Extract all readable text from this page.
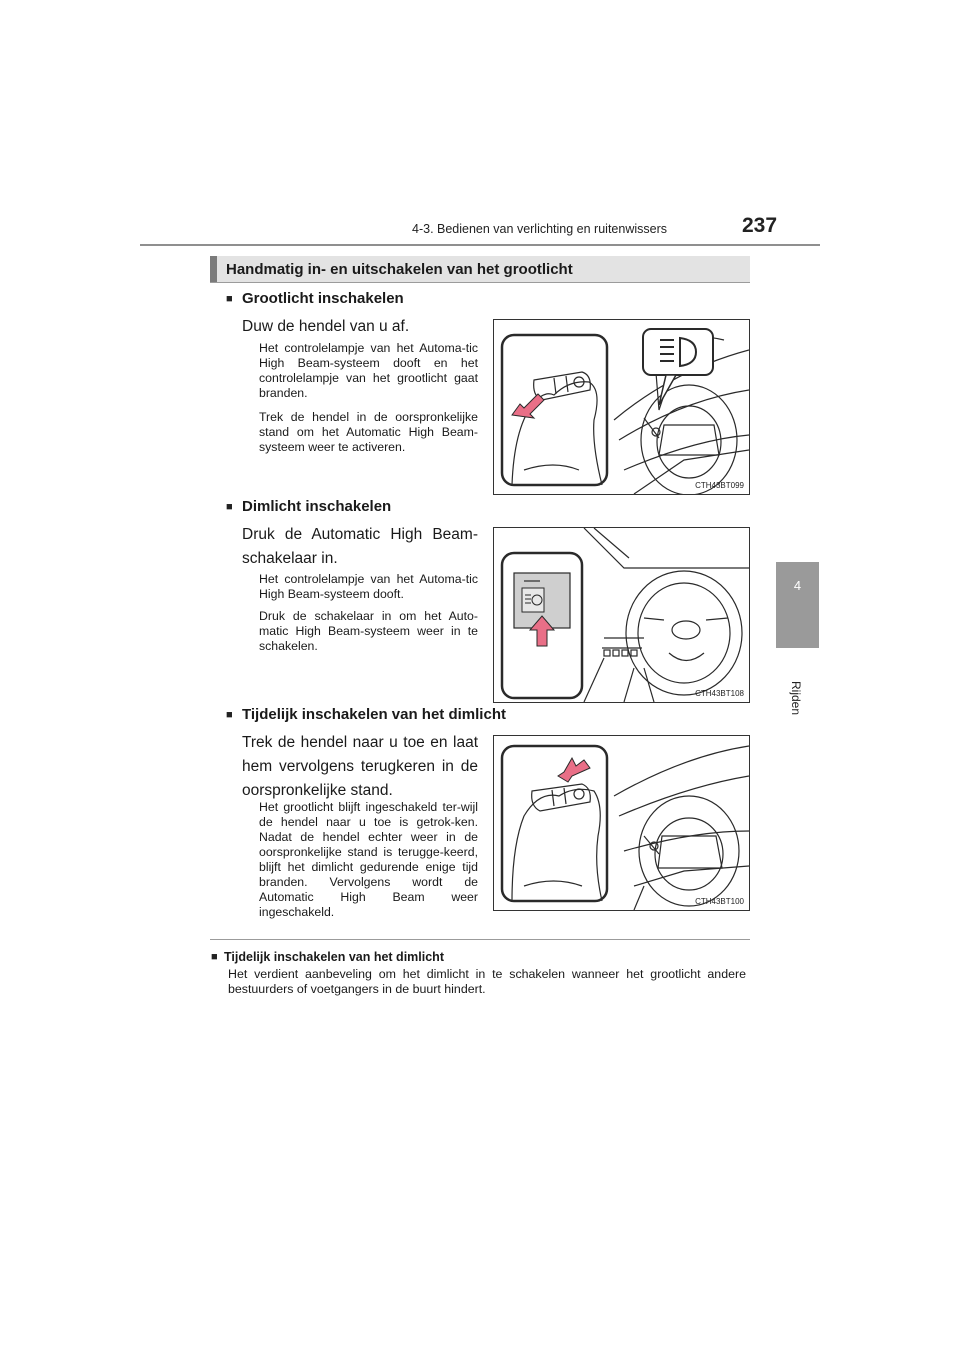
4-3. Bedienen van verlichting en ruitenwissers	237
4
Rijden
Handmatig in- en uitschakelen van het grootlicht
■ Grootlicht inschakelen
Duw de hendel van u af.
Het controlelampje van het Automa-tic High Beam-systeem dooft en het controlelampje van het grootlicht gaat branden.
Trek de hendel in de oorspronkelijke stand om het Automatic High Beam-systeem weer te activeren.
CTH43BT099
■ Dimlicht inschakelen
Druk de Automatic High Beam-schakelaar in.
Het controlelampje van het Automa-tic High Beam-systeem dooft.
Druk de schakelaar in om het Auto-matic High Beam-systeem weer in te schakelen.
CTH43BT108
■ Tijdelijk inschakelen van het dimlicht
Trek de hendel naar u toe en laat hem vervolgens terugkeren in de oorspronkelijke stand.
Het grootlicht blijft ingeschakeld ter-wijl de hendel naar u toe is getrok-ken. Nadat de hendel echter weer in de oorspronkelijke stand is terugge-keerd, blijft het dimlicht gedurende enige tijd branden. Vervolgens wordt de Automatic High Beam weer ingeschakeld.
CTH43BT100
■ Tijdelijk inschakelen van het dimlicht
Het verdient aanbeveling om het dimlicht in te schakelen wanneer het grootlicht andere bestuurders of voetgangers in de buurt hindert.
